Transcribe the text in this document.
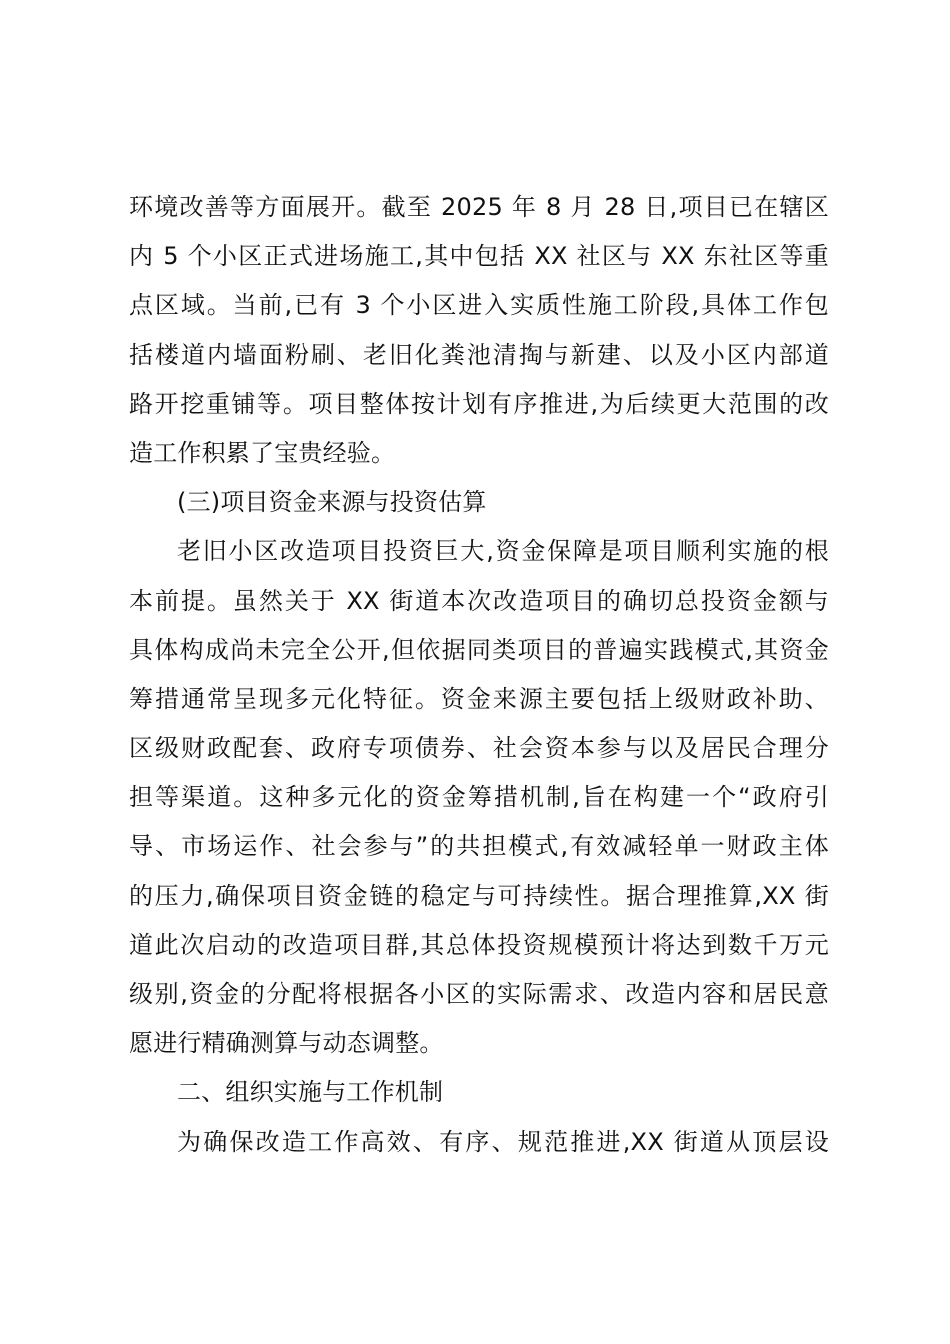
环境改善等方面展开。截至 2025 年 8 月 28 日,项目已在辖区
内 5 个小区正式进场施工,其中包括 XX 社区与 XX 东社区等重
点区域。当前,已有 3 个小区进入实质性施工阶段,具体工作包
括楼道内墙面粉刷、老旧化粪池清掏与新建、以及小区内部道
路开挖重铺等。项目整体按计划有序推进,为后续更大范围的改
造工作积累了宝贵经验。
(三)项目资金来源与投资估算
老旧小区改造项目投资巨大,资金保障是项目顺利实施的根
本前提。虽然关于 XX 街道本次改造项目的确切总投资金额与
具体构成尚未完全公开,但依据同类项目的普遍实践模式,其资金
筹措通常呈现多元化特征。资金来源主要包括上级财政补助、
区级财政配套、政府专项债券、社会资本参与以及居民合理分
担等渠道。这种多元化的资金筹措机制,旨在构建一个“政府引
导、市场运作、社会参与”的共担模式,有效减轻单一财政主体
的压力,确保项目资金链的稳定与可持续性。据合理推算,XX 街
道此次启动的改造项目群,其总体投资规模预计将达到数千万元
级别,资金的分配将根据各小区的实际需求、改造内容和居民意
愿进行精确测算与动态调整。
二、组织实施与工作机制
为确保改造工作高效、有序、规范推进,XX 街道从顶层设
